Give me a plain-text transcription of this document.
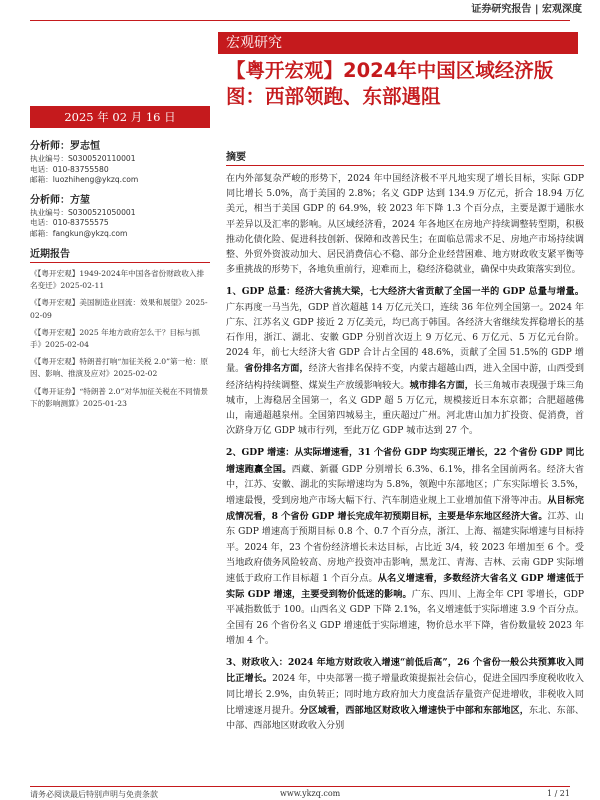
证券研究报告 | 宏观深度
宏观研究
【粤开宏观】2024年中国区域经济版图：西部领跑、东部遇阻
2025 年 02 月 16 日
分析师：罗志恒
执业编号：S0300520110001
电话：010-83755580
邮箱：luozhiheng@ykzq.com
分析师：方堃
执业编号：S0300521050001
电话：010-83755575
邮箱：fangkun@ykzq.com
近期报告
《【粤开宏观】1949-2024年中国各省份财政收入排名变迁》2025-02-11
《【粤开宏观】美国制造业回流：效果和展望》2025-02-09
《【粤开宏观】2025 年地方政府怎么干？目标与抓手》2025-02-04
《【粤开宏观】特朗普打响“加征关税 2.0”第一枪：原因、影响、推演及应对》2025-02-02
《【粤开证券】“特朗普 2.0”对华加征关税在不同情景下的影响测算》2025-01-23
摘要

在内外部复杂严峻的形势下，2024 年中国经济极不平凡地实现了增长目标，实际 GDP 同比增长 5.0%，高于美国的 2.8%；名义 GDP 达到 134.9 万亿元，折合 18.94 万亿美元，相当于美国 GDP 的 64.9%，较 2023 年下降 1.3 个百分点，主要是源于通胀水平差异以及汇率的影响。从区域经济看，2024 年各地区在房地产持续调整转型期，积极推动化债化险、促进科技创新、保障和改善民生；在面临总需求不足、房地产市场持续调整、外贸外资波动加大、居民消费信心不稳、部分企业经营困难、地方财政收支紧平衡等多重挑战的形势下，各地负重前行，迎难而上，稳经济稳就业，确保中央政策落实到位。

1、GDP 总量：经济大省挑大梁，七大经济大省贡献了全国一半的 GDP 总量与增量。广东再度一马当先，GDP 首次超越 14 万亿元关口，连续 36 年位列全国第一。2024 年广东、江苏名义 GDP 接近 2 万亿美元，均已高于韩国。各经济大省继续发挥稳增长的基石作用，浙江、湖北、安徽 GDP 分别首次迈上 9 万亿元、6 万亿元、5 万亿元台阶。2024 年，前七大经济大省 GDP 合计占全国的 48.6%，贡献了全国 51.5%的 GDP 增量。省份排名方面，经济大省排名保持不变，内蒙古超越山西，进入全国中游，山西受到经济结构持续调整、煤炭生产放缓影响较大。城市排名方面，长三角城市表现强于珠三角城市，上海稳居全国第一，名义 GDP 超 5 万亿元，规模接近日本东京都；合肥超越佛山，南通超越泉州。全国第四城易主，重庆超过广州。河北唐山加力扩投资、促消费，首次跻身万亿 GDP 城市行列，至此万亿 GDP 城市达到 27 个。

2、GDP 增速：从实际增速看，31 个省份 GDP 均实现正增长，22 个省份 GDP 同比增速跑赢全国。西藏、新疆 GDP 分别增长 6.3%、6.1%，排名全国前两名。经济大省中，江苏、安徽、湖北的实际增速均为 5.8%，领跑中东部地区；广东实际增长 3.5%，增速最慢，受到房地产市场大幅下行、汽车制造业规上工业增加值下滑等冲击。从目标完成情况看，8 个省份 GDP 增长完成年初预期目标，主要是华东地区经济大省。江苏、山东 GDP 增速高于预期目标 0.8 个、0.7 个百分点，浙江、上海、福建实际增速与目标持平。2024 年，23 个省份经济增长未达目标，占比近 3/4，较 2023 年增加至 6 个。受当地政府债务风险较高、房地产投资冲击影响，黑龙江、青海、吉林、云南 GDP 实际增速低于政府工作目标超 1 个百分点。从名义增速看，多数经济大省名义 GDP 增速低于实际 GDP 增速，主要受到物价低迷的影响。广东、四川、上海全年 CPI 零增长，GDP 平减指数低于 100。山西名义 GDP 下降 2.1%，名义增速低于实际增速 3.9 个百分点。全国有 26 个省份名义 GDP 增速低于实际增速，物价总水平下降，省份数量较 2023 年增加 4 个。

3、财政收入：2024 年地方财政收入增速“前低后高”，26 个省份一般公共预算收入同比正增长。2024 年，中央部署一揽子增量政策提振社会信心，促进全国四季度税收收入同比增长 2.9%，由负转正；同时地方政府加大力度盘活存量资产促进增收，非税收入同比增速逐月提升。分区域看，西部地区财政收入增速快于中部和东部地区，东北、东部、中部、西部地区财政收入分别

请务必阅读最后特别声明与免责条款	www.ykzq.com	1 / 21
